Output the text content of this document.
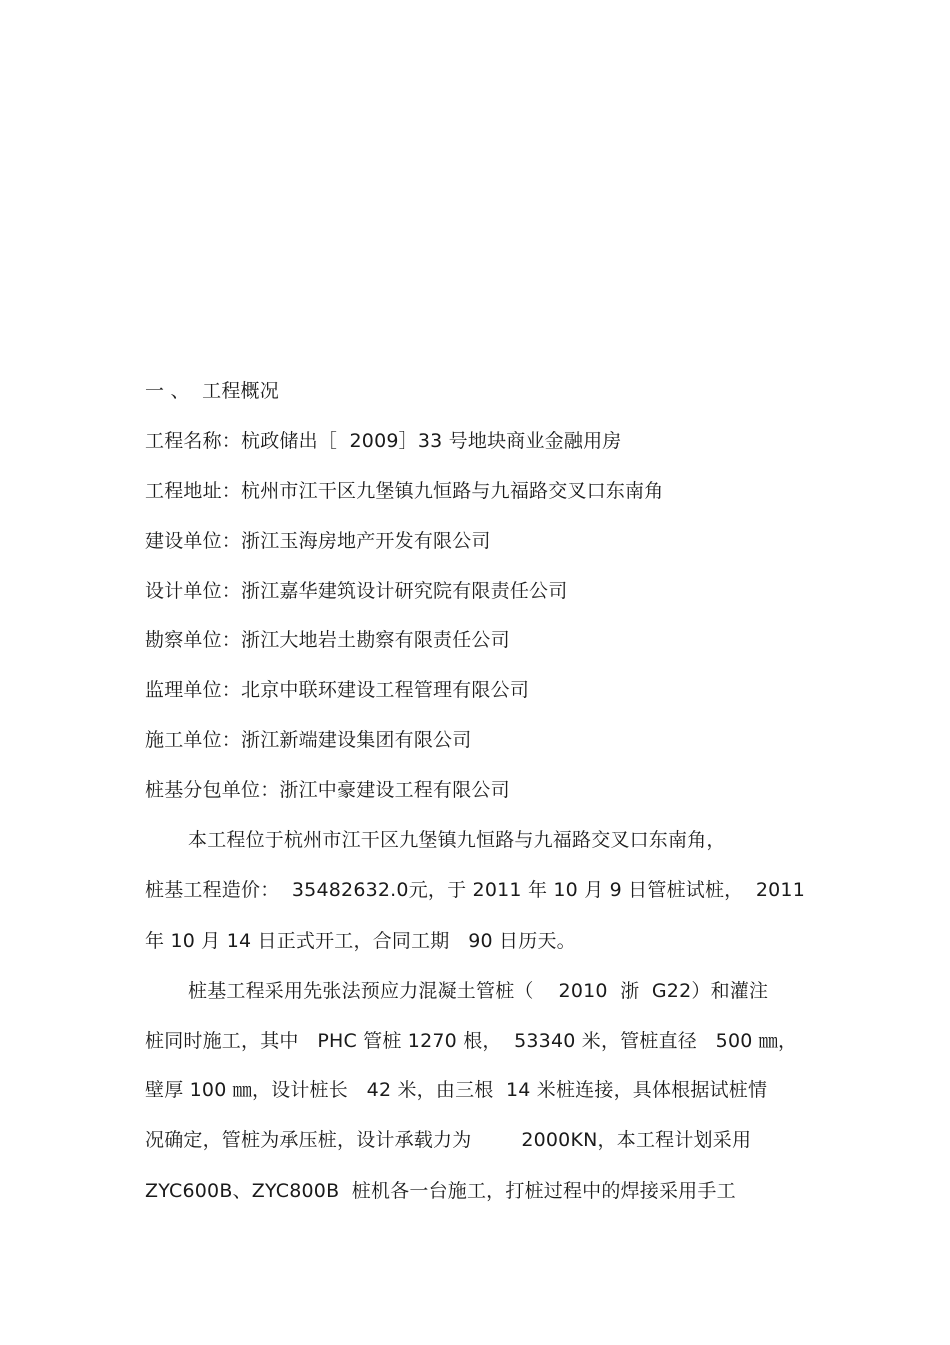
一 、  工程概况
工程名称：杭政储出［  2009］33 号地块商业金融用房
工程地址：杭州市江干区九堡镇九恒路与九福路交叉口东南角
建设单位：浙江玉海房地产开发有限公司
设计单位：浙江嘉华建筑设计研究院有限责任公司
勘察单位：浙江大地岩土勘察有限责任公司
监理单位：北京中联环建设工程管理有限公司
施工单位：浙江新端建设集团有限公司
桩基分包单位：浙江中豪建设工程有限公司
本工程位于杭州市江干区九堡镇九恒路与九福路交叉口东南角，
桩基工程造价：  35482632.0元，于 2011 年 10 月 9 日管桩试桩，  2011
年 10 月 14 日正式开工，合同工期   90 日历天。
桩基工程采用先张法预应力混凝土管桩（    2010  浙  G22）和灌注
桩同时施工，其中   PHC 管桩 1270 根，  53340 米，管桩直径   500 ㎜，
壁厚 100 ㎜，设计桩长   42 米，由三根  14 米桩连接，具体根据试桩情
况确定，管桩为承压桩，设计承载力为        2000KN，本工程计划采用
ZYC600B、ZYC800B  桩机各一台施工，打桩过程中的焊接采用手工
